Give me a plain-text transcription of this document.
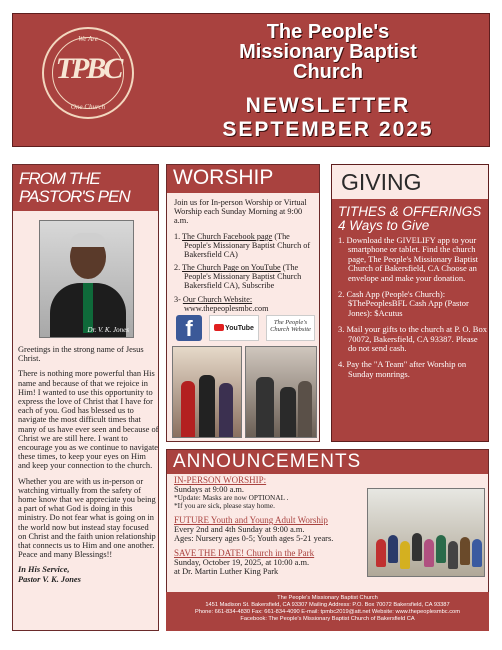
We Are
TPBC
One Church
The People's
Missionary Baptist
Church
NEWSLETTER
SEPTEMBER 2025
FROM THE
PASTOR'S PEN
Dr. V. K. Jones

Greetings in the strong name of Jesus Christ.

There is nothing more powerful than His name and because of that we rejoice in Him! I wanted to use this opportunity to express the love of Christ that I have for each of you. God has blessed us to navigate the most difficult times that many of us have ever seen and because of Christ we are still here. I want to encourage you as we continue to navigate these times, to keep your eyes on Him and keep your connection to the church.

Whether you are with us in-person or watching virtually from the safety of home know that we appreciate you being a part of what God is doing in this ministry. Do not fear what is going on in the world now but instead stay focused on Christ and the faith union relationship that connects us to Him and one another. Peace and many Blessings!!

In His Service,
Pastor V. K. Jones
WORSHIP
Join us for In-person Worship or Virtual Worship each Sunday Morning at 9:00 a.m.
1. The Church Facebook page (The People's Missionary Baptist Church of Bakersfield CA)
2. The Church Page on YouTube (The People's Missionary Baptist Church Bakersfield CA), Subscribe
3- Our Church Website: www.thepeoplesmbc.com
f	YouTube
The People's Church Website
GIVING
TITHES & OFFERINGS
4 Ways to Give
1. Download the GIVELIFY app to your smartphone or tablet. Find the church page, The People's Missionary Baptist Church of Bakersfield, CA Choose an envelope and make your donation.
2. Cash App (People's Church): $ThePeoplesBFL Cash App (Pastor Jones): $Acutus
3. Mail your gifts to the church at P. O. Box 70072, Bakersfield, CA 93387. Please do not send cash.
4. Pay the "A Team" after Worship on Sunday monrings.
ANNOUNCEMENTS
IN-PERSON WORSHIP:
Sundays at 9:00 a.m.
*Update: Masks are now OPTIONAL .
*If you are sick, please stay home.
FUTURE Youth and Young Adult Worship
Every 2nd and 4th Sunday at 9:00 a.m.
Ages: Nursery ages 0-5; Youth ages 5-21 years.
SAVE THE DATE! Church in the Park
Sunday, October 19, 2025, at 10:00 a.m.
at Dr. Martin Luther King Park
The People's Missionary Baptist Church
1451 Madison St. Bakersfield, CA 93307 Mailing Address: P.O. Box 70072 Bakersfield, CA 93387
Phone: 661-834-4830 Fax: 661-834-4090 E-mail: tpmbc2019@att.net Website: www.thepeoplesmbc.com
Facebook: The People's Missionary Baptist Church of Bakersfield CA
